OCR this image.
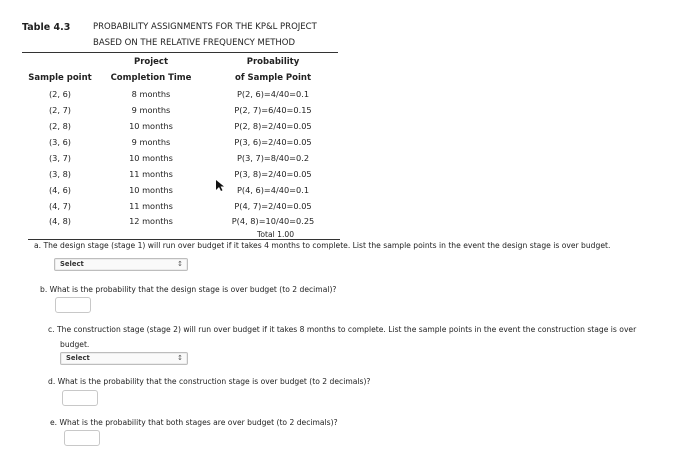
Table 4.3	PROBABILITY ASSIGNMENTS FOR THE KP&L PROJECT
BASED ON THE RELATIVE FREQUENCY METHOD
Project	Probability
Sample point	Completion Time	of Sample Point
(2, 6)	8 months	P(2, 6)=4/40=0.1
(2, 7)	9 months	P(2, 7)=6/40=0.15
(2, 8)	10 months	P(2, 8)=2/40=0.05
(3, 6)	9 months	P(3, 6)=2/40=0.05
(3, 7)	10 months	P(3, 7)=8/40=0.2
(3, 8)	11 months	P(3, 8)=2/40=0.05
(4, 6)	10 months	P(4, 6)=4/40=0.1
(4, 7)	11 months	P(4, 7)=2/40=0.05
(4, 8)	12 months	P(4, 8)=10/40=0.25
Total 1.00
a. The design stage (stage 1) will run over budget if it takes 4 months to complete. List the sample points in the event the design stage is over budget.
Select	↕
b. What is the probability that the design stage is over budget (to 2 decimal)?
c. The construction stage (stage 2) will run over budget if it takes 8 months to complete. List the sample points in the event the construction stage is over
budget.
Select	↕
d. What is the probability that the construction stage is over budget (to 2 decimals)?
e. What is the probability that both stages are over budget (to 2 decimals)?
